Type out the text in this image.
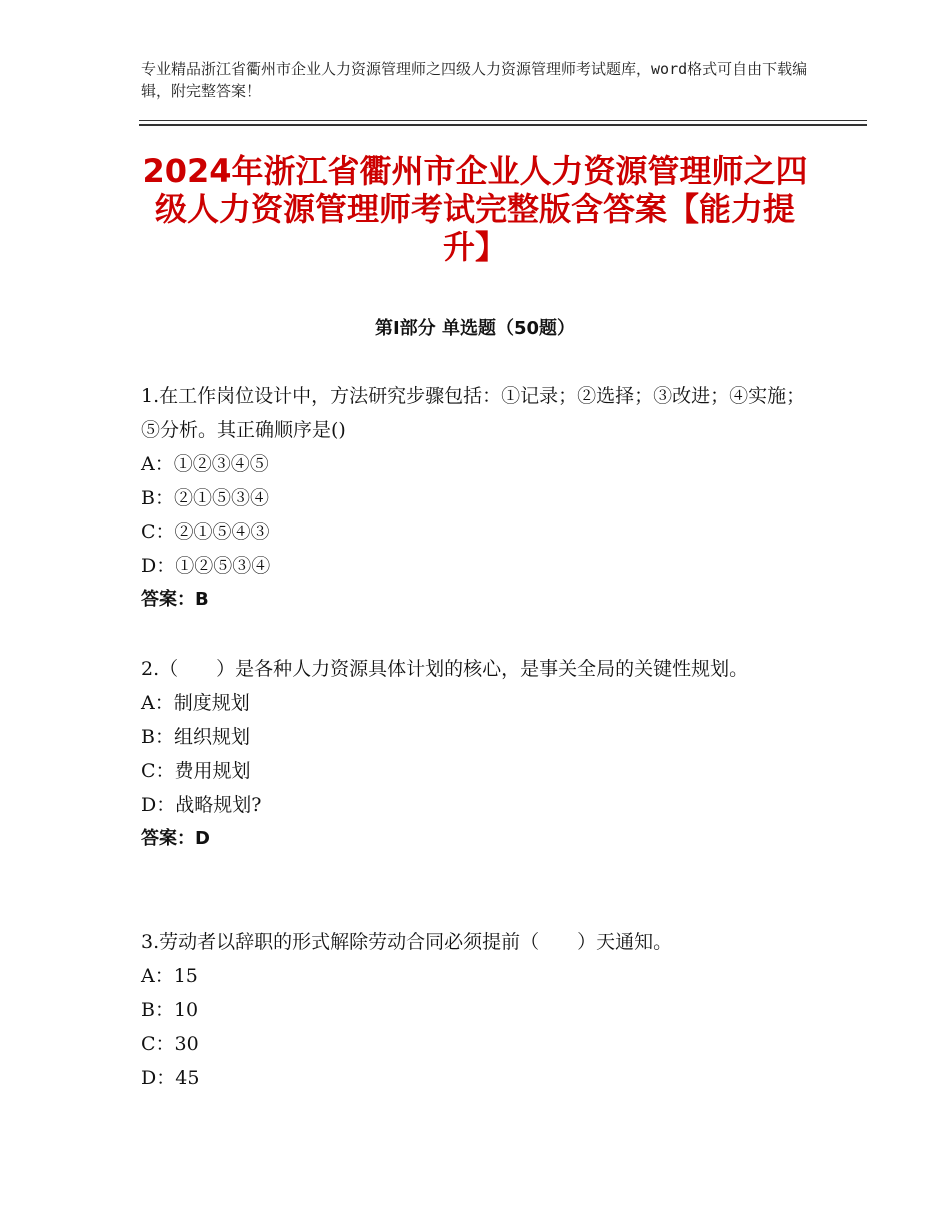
专业精品浙江省衢州市企业人力资源管理师之四级人力资源管理师考试题库，word格式可自由下载编辑，附完整答案！
2024年浙江省衢州市企业人力资源管理师之四级人力资源管理师考试完整版含答案【能力提升】
第Ⅰ部分 单选题（50题）

1.在工作岗位设计中，方法研究步骤包括：①记录；②选择；③改进；④实施；⑤分析。其正确顺序是()

A：①②③④⑤

B：②①⑤③④

C：②①⑤④③

D：①②⑤③④

答案：B

2.（　　）是各种人力资源具体计划的核心，是事关全局的关键性规划。

A：制度规划

B：组织规划

C：费用规划

D：战略规划?

答案：D

3.劳动者以辞职的形式解除劳动合同必须提前（　　）天通知。

A：15

B：10

C：30

D：45
